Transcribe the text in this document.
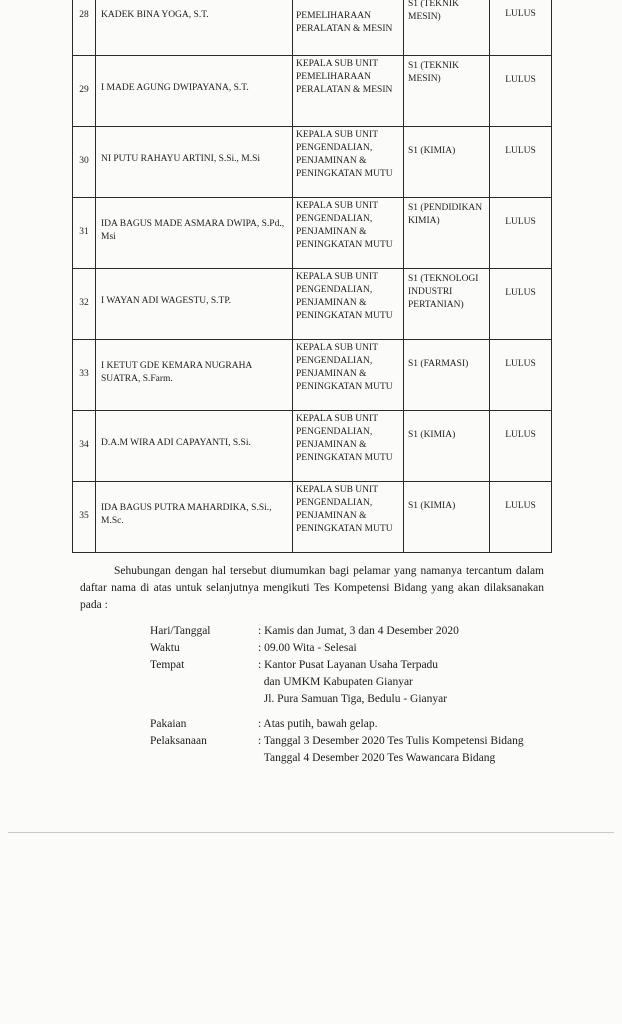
28	KADEK BINA YOGA, S.T.	PEMELIHARAAN PERALATAN & MESIN	S1 (TEKNIK MESIN)	LULUS

29	I MADE AGUNG DWIPAYANA, S.T.	KEPALA SUB UNIT PEMELIHARAAN PERALATAN & MESIN	S1 (TEKNIK MESIN)	LULUS

30	NI PUTU RAHAYU ARTINI, S.Si., M.Si	KEPALA SUB UNIT PENGENDALIAN, PENJAMINAN & PENINGKATAN MUTU	S1 (KIMIA)	LULUS

31	IDA BAGUS MADE ASMARA DWIPA, S.Pd., Msi	KEPALA SUB UNIT PENGENDALIAN, PENJAMINAN & PENINGKATAN MUTU	S1 (PENDIDIKAN KIMIA)	LULUS

32	I WAYAN ADI WAGESTU, S.TP.	KEPALA SUB UNIT PENGENDALIAN, PENJAMINAN & PENINGKATAN MUTU	S1 (TEKNOLOGI INDUSTRI PERTANIAN)	LULUS

33	I KETUT GDE KEMARA NUGRAHA SUATRA, S.Farm.	KEPALA SUB UNIT PENGENDALIAN, PENJAMINAN & PENINGKATAN MUTU	S1 (FARMASI)	LULUS

34	D.A.M WIRA ADI CAPAYANTI, S.Si.	KEPALA SUB UNIT PENGENDALIAN, PENJAMINAN & PENINGKATAN MUTU	S1 (KIMIA)	LULUS

35	IDA BAGUS PUTRA MAHARDIKA, S.Si., M.Sc.	KEPALA SUB UNIT PENGENDALIAN, PENJAMINAN & PENINGKATAN MUTU	S1 (KIMIA)	LULUS
Sehubungan dengan hal tersebut diumumkan bagi pelamar yang namanya tercantum dalam daftar nama di atas untuk selanjutnya mengikuti Tes Kompetensi Bidang yang akan dilaksanakan pada :
Hari/Tanggal	: Kamis dan Jumat, 3 dan 4 Desember 2020
Waktu	: 09.00 Wita - Selesai
Tempat	: Kantor Pusat Layanan Usaha Terpadu
dan UMKM Kabupaten Gianyar
Jl. Pura Samuan Tiga, Bedulu - Gianyar
Pakaian	: Atas putih, bawah gelap.
Pelaksanaan	: Tanggal 3 Desember 2020 Tes Tulis Kompetensi Bidang
Tanggal 4 Desember 2020 Tes Wawancara Bidang
